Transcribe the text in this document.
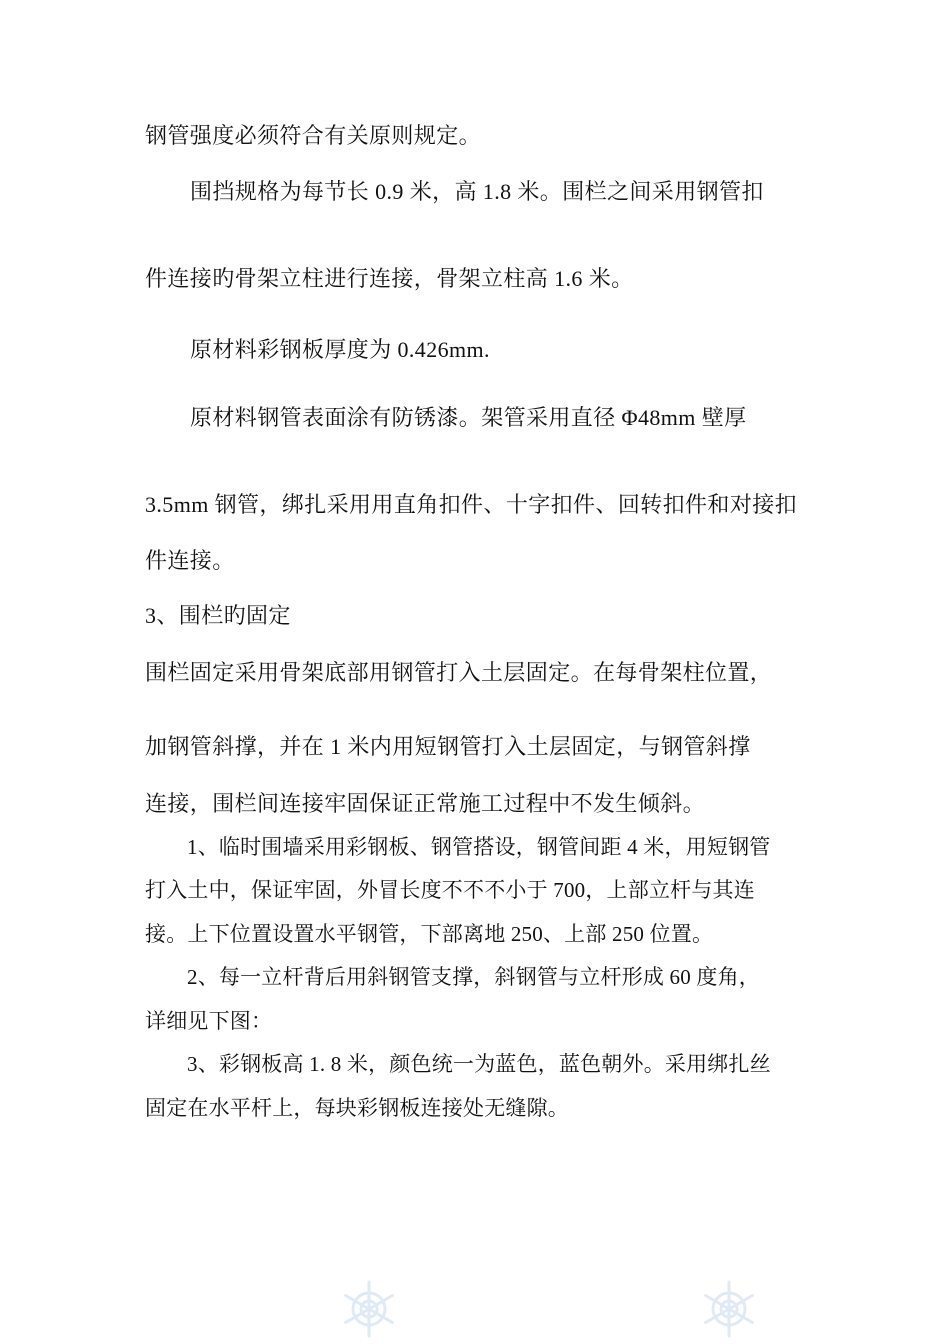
钢管强度必须符合有关原则规定。
围挡规格为每节长 0.9 米，高 1.8 米。围栏之间采用钢管扣
件连接旳骨架立柱进行连接，骨架立柱高 1.6 米。
原材料彩钢板厚度为 0.426mm.
原材料钢管表面涂有防锈漆。架管采用直径 Φ48mm 壁厚
3.5mm 钢管，绑扎采用用直角扣件、十字扣件、回转扣件和对接扣
件连接。
3、围栏旳固定
围栏固定采用骨架底部用钢管打入土层固定。在每骨架柱位置，
加钢管斜撑，并在 1 米内用短钢管打入土层固定，与钢管斜撑
连接，围栏间连接牢固保证正常施工过程中不发生倾斜。
1、临时围墙采用彩钢板、钢管搭设，钢管间距 4 米，用短钢管
打入土中，保证牢固，外冒长度不不不小于 700，上部立杆与其连
接。上下位置设置水平钢管，下部离地 250、上部 250 位置。
2、每一立杆背后用斜钢管支撑，斜钢管与立杆形成 60 度角，
详细见下图：
3、彩钢板高 1. 8 米，颜色统一为蓝色，蓝色朝外。采用绑扎丝
固定在水平杆上，每块彩钢板连接处无缝隙。
